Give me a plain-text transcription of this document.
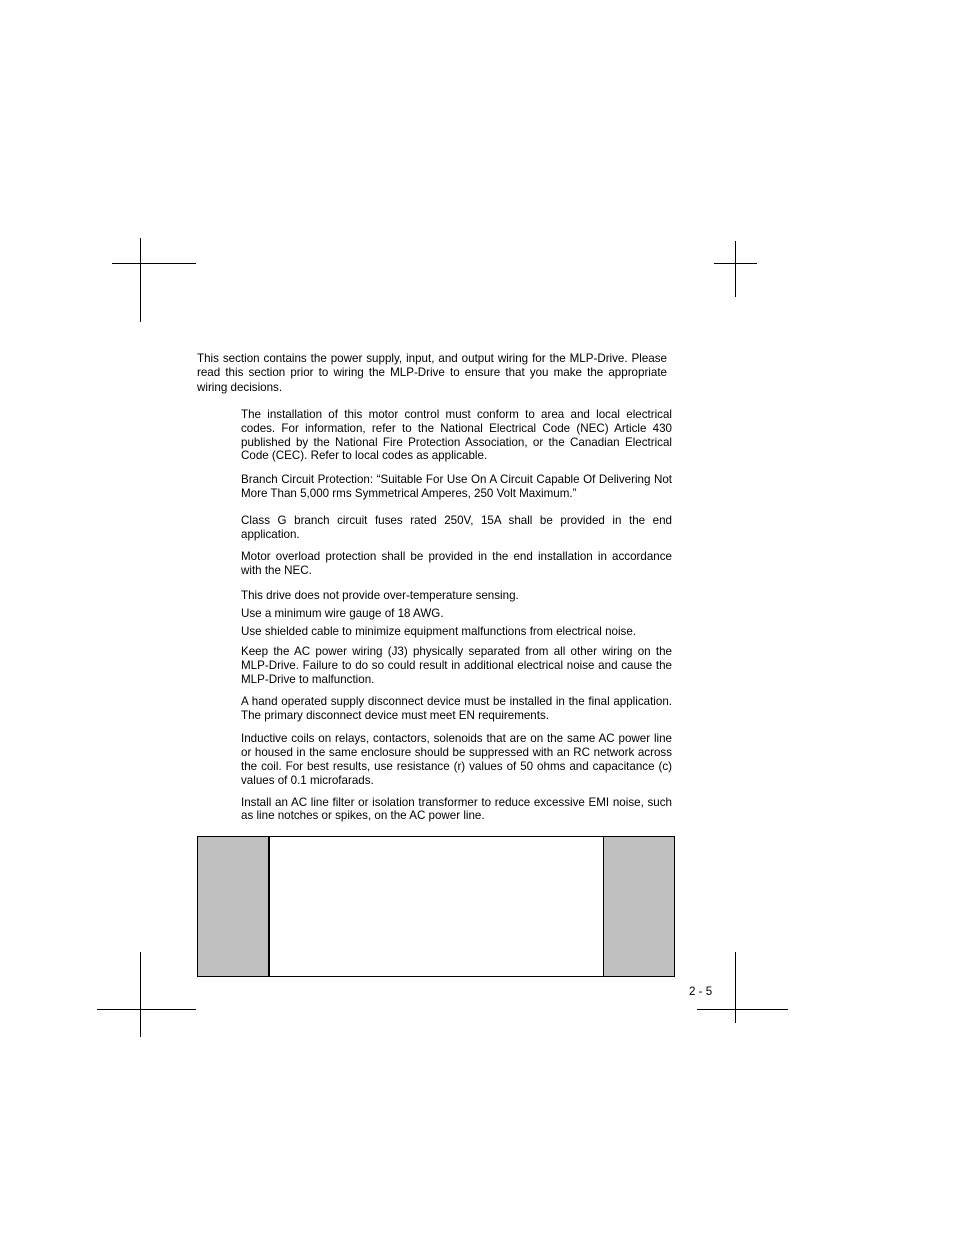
This section contains the power supply, input, and output wiring for the MLP-Drive. Please read this section prior to wiring the MLP-Drive to ensure that you make the appropriate wiring decisions.

The installation of this motor control must conform to area and local electrical codes. For information, refer to the National Electrical Code (NEC) Article 430 published by the National Fire Protection Association, or the Canadian Electrical Code (CEC). Refer to local codes as applicable.

Branch Circuit Protection: “Suitable For Use On A Circuit Capable Of Delivering Not More Than 5,000 rms Symmetrical Amperes, 250 Volt Maximum.”

Class G branch circuit fuses rated 250V, 15A shall be provided in the end application.

Motor overload protection shall be provided in the end installation in accordance with the NEC.

This drive does not provide over-temperature sensing.

Use a minimum wire gauge of 18 AWG.

Use shielded cable to minimize equipment malfunctions from electrical noise.

Keep the AC power wiring (J3) physically separated from all other wiring on the MLP-Drive. Failure to do so could result in additional electrical noise and cause the MLP-Drive to malfunction.

A hand operated supply disconnect device must be installed in the final application. The primary disconnect device must meet EN requirements.

Inductive coils on relays, contactors, solenoids that are on the same AC power line or housed in the same enclosure should be suppressed with an RC network across the coil. For best results, use resistance (r) values of 50 ohms and capacitance (c) values of 0.1 microfarads.

Install an AC line filter or isolation transformer to reduce excessive EMI noise, such as line notches or spikes, on the AC power line.

2 - 5
